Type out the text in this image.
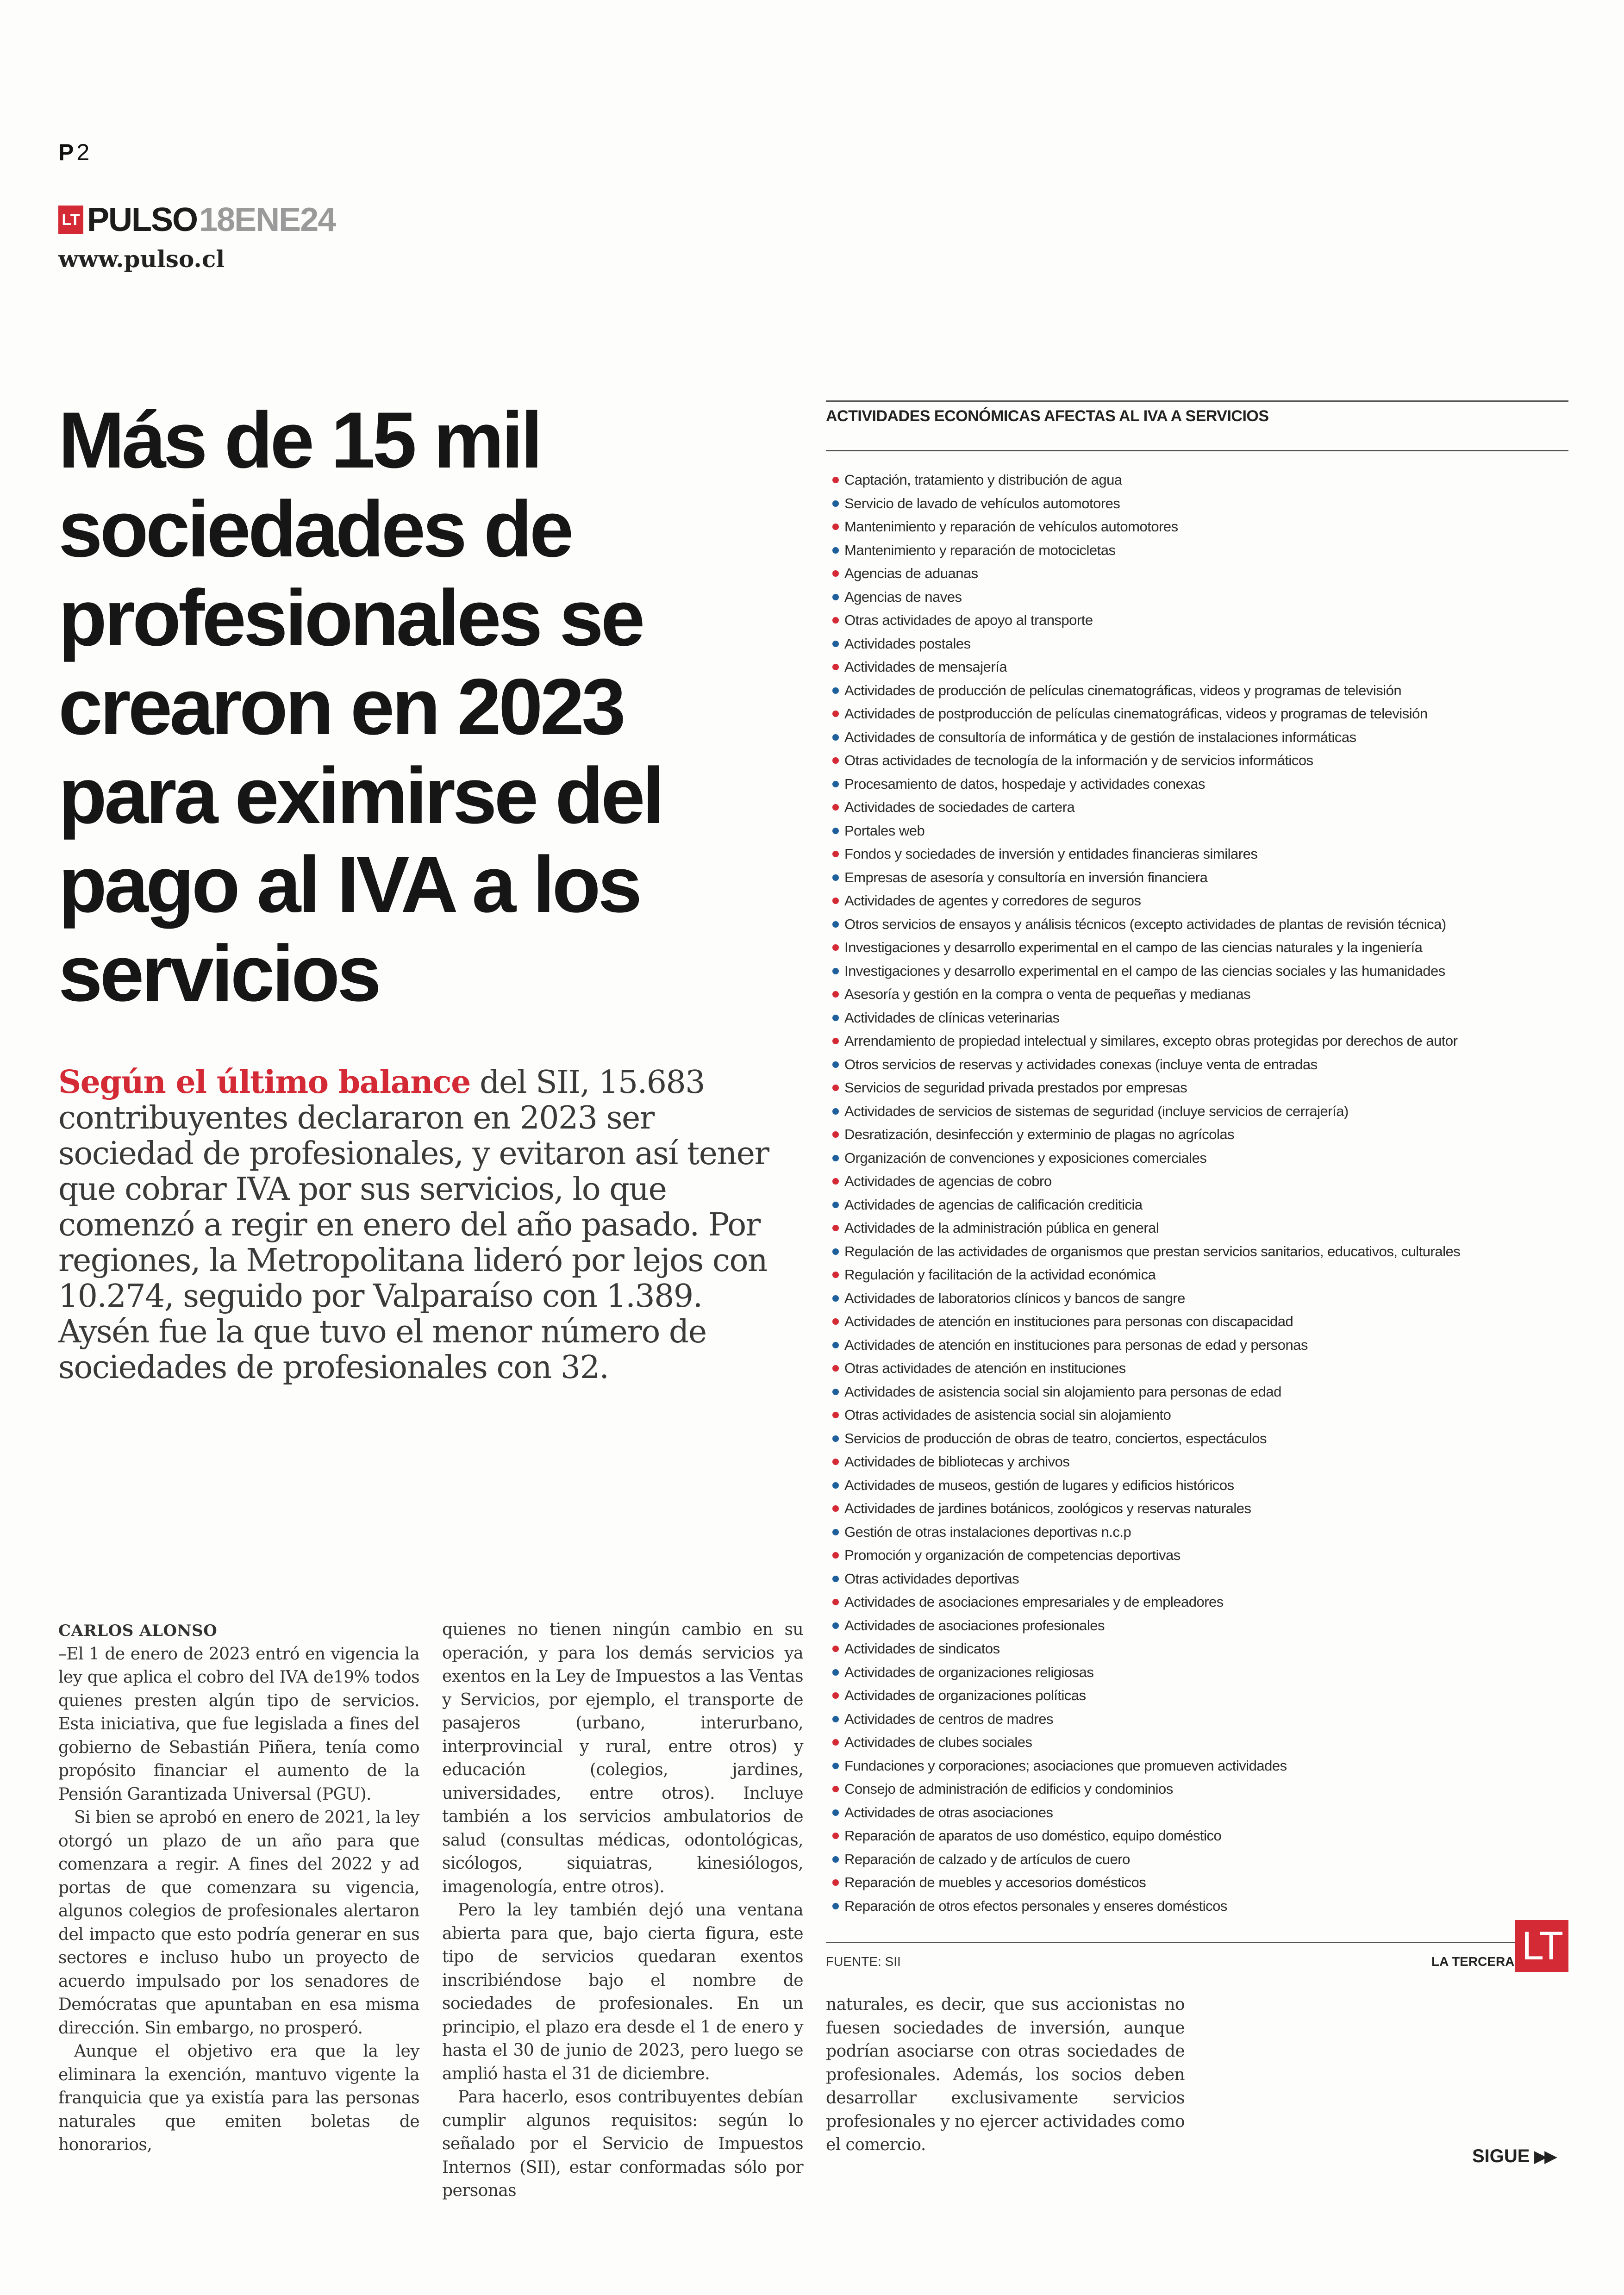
P 2
LT PULSO 18ENE24
www.pulso.cl
Más de 15 mil sociedades de profesionales se crearon en 2023 para eximirse del pago al IVA a los servicios

Según el último balance del SII, 15.683 contribuyentes declararon en 2023 ser sociedad de profesionales, y evitaron así tener que cobrar IVA por sus servicios, lo que comenzó a regir en enero del año pasado. Por regiones, la Metropolitana lideró por lejos con 10.274, seguido por Valparaíso con 1.389. Aysén fue la que tuvo el menor número de sociedades de profesionales con 32.

CARLOS ALONSO

–El 1 de enero de 2023 entró en vigencia la ley que aplica el cobro del IVA de19% todos quienes presten algún tipo de servicios. Esta iniciativa, que fue legislada a fines del gobierno de Sebastián Piñera, tenía como propósito financiar el aumento de la Pensión Garantizada Universal (PGU).

Si bien se aprobó en enero de 2021, la ley otorgó un plazo de un año para que comenzara a regir. A fines del 2022 y ad portas de que comenzara su vigencia, algunos colegios de profesionales alertaron del impacto que esto podría generar en sus sectores e incluso hubo un proyecto de acuerdo impulsado por los senadores de Demócratas que apuntaban en esa misma dirección. Sin embargo, no prosperó.

Aunque el objetivo era que la ley eliminara la exención, mantuvo vigente la franquicia que ya existía para las personas naturales que emiten boletas de honorarios,

quienes no tienen ningún cambio en su operación, y para los demás servicios ya exentos en la Ley de Impuestos a las Ventas y Servicios, por ejemplo, el transporte de pasajeros (urbano, interurbano, interprovincial y rural, entre otros) y educación (colegios, jardines, universidades, entre otros). Incluye también a los servicios ambulatorios de salud (consultas médicas, odontológicas, sicólogos, siquiatras, kinesiólogos, imagenología, entre otros).

Pero la ley también dejó una ventana abierta para que, bajo cierta figura, este tipo de servicios quedaran exentos inscribiéndose bajo el nombre de sociedades de profesionales. En un principio, el plazo era desde el 1 de enero y hasta el 30 de junio de 2023, pero luego se amplió hasta el 31 de diciembre.

Para hacerlo, esos contribuyentes debían cumplir algunos requisitos: según lo señalado por el Servicio de Impuestos Internos (SII), estar conformadas sólo por personas

naturales, es decir, que sus accionistas no fuesen sociedades de inversión, aunque podrían asociarse con otras sociedades de profesionales. Además, los socios deben desarrollar exclusivamente servicios profesionales y no ejercer actividades como el comercio.

ACTIVIDADES ECONÓMICAS AFECTAS AL IVA A SERVICIOS
Captación, tratamiento y distribución de agua
Servicio de lavado de vehículos automotores
Mantenimiento y reparación de vehículos automotores
Mantenimiento y reparación de motocicletas
Agencias de aduanas
Agencias de naves
Otras actividades de apoyo al transporte
Actividades postales
Actividades de mensajería
Actividades de producción de películas cinematográficas, videos y programas de televisión
Actividades de postproducción de películas cinematográficas, videos y programas de televisión
Actividades de consultoría de informática y de gestión de instalaciones informáticas
Otras actividades de tecnología de la información y de servicios informáticos
Procesamiento de datos, hospedaje y actividades conexas
Actividades de sociedades de cartera
Portales web
Fondos y sociedades de inversión y entidades financieras similares
Empresas de asesoría y consultoría en inversión financiera
Actividades de agentes y corredores de seguros
Otros servicios de ensayos y análisis técnicos (excepto actividades de plantas de revisión técnica)
Investigaciones y desarrollo experimental en el campo de las ciencias naturales y la ingeniería
Investigaciones y desarrollo experimental en el campo de las ciencias sociales y las humanidades
Asesoría y gestión en la compra o venta de pequeñas y medianas
Actividades de clínicas veterinarias
Arrendamiento de propiedad intelectual y similares, excepto obras protegidas por derechos de autor
Otros servicios de reservas y actividades conexas (incluye venta de entradas
Servicios de seguridad privada prestados por empresas
Actividades de servicios de sistemas de seguridad (incluye servicios de cerrajería)
Desratización, desinfección y exterminio de plagas no agrícolas
Organización de convenciones y exposiciones comerciales
Actividades de agencias de cobro
Actividades de agencias de calificación crediticia
Actividades de la administración pública en general
Regulación de las actividades de organismos que prestan servicios sanitarios, educativos, culturales
Regulación y facilitación de la actividad económica
Actividades de laboratorios clínicos y bancos de sangre
Actividades de atención en instituciones para personas con discapacidad
Actividades de atención en instituciones para personas de edad y personas
Otras actividades de atención en instituciones
Actividades de asistencia social sin alojamiento para personas de edad
Otras actividades de asistencia social sin alojamiento
Servicios de producción de obras de teatro, conciertos, espectáculos
Actividades de bibliotecas y archivos
Actividades de museos, gestión de lugares y edificios históricos
Actividades de jardines botánicos, zoológicos y reservas naturales
Gestión de otras instalaciones deportivas n.c.p
Promoción y organización de competencias deportivas
Otras actividades deportivas
Actividades de asociaciones empresariales y de empleadores
Actividades de asociaciones profesionales
Actividades de sindicatos
Actividades de organizaciones religiosas
Actividades de organizaciones políticas
Actividades de centros de madres
Actividades de clubes sociales
Fundaciones y corporaciones; asociaciones que promueven actividades
Consejo de administración de edificios y condominios
Actividades de otras asociaciones
Reparación de aparatos de uso doméstico, equipo doméstico
Reparación de calzado y de artículos de cuero
Reparación de muebles y accesorios domésticos
Reparación de otros efectos personales y enseres domésticos
FUENTE: SII	LA TERCERA LT
SIGUE ▶▶
